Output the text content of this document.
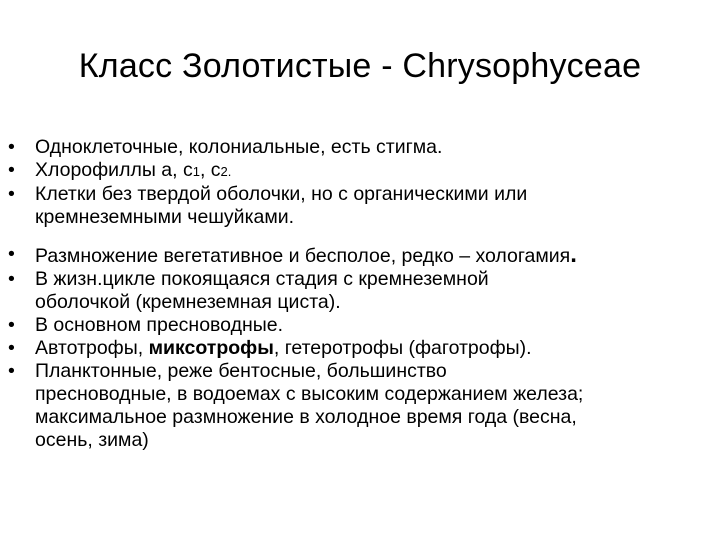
Класс Золотистые - Chrysophyceae
•	Одноклеточные, колониальные, есть стигма.
•	Хлорофиллы а, с1, с2.
•	Клетки без твердой оболочки, но с органическими или
кремнеземными чешуйками.
•	Размножение вегетативное и бесполое, редко – хологамия.
•	В жизн.цикле покоящаяся стадия с кремнеземной
оболочкой (кремнеземная циста).
•	В основном пресноводные.
•	Автотрофы, миксотрофы, гетеротрофы (фаготрофы).
•	Планктонные, реже бентосные, большинство
пресноводные, в водоемах с высоким содержанием железа;
максимальное размножение в холодное время года (весна,
осень, зима)
